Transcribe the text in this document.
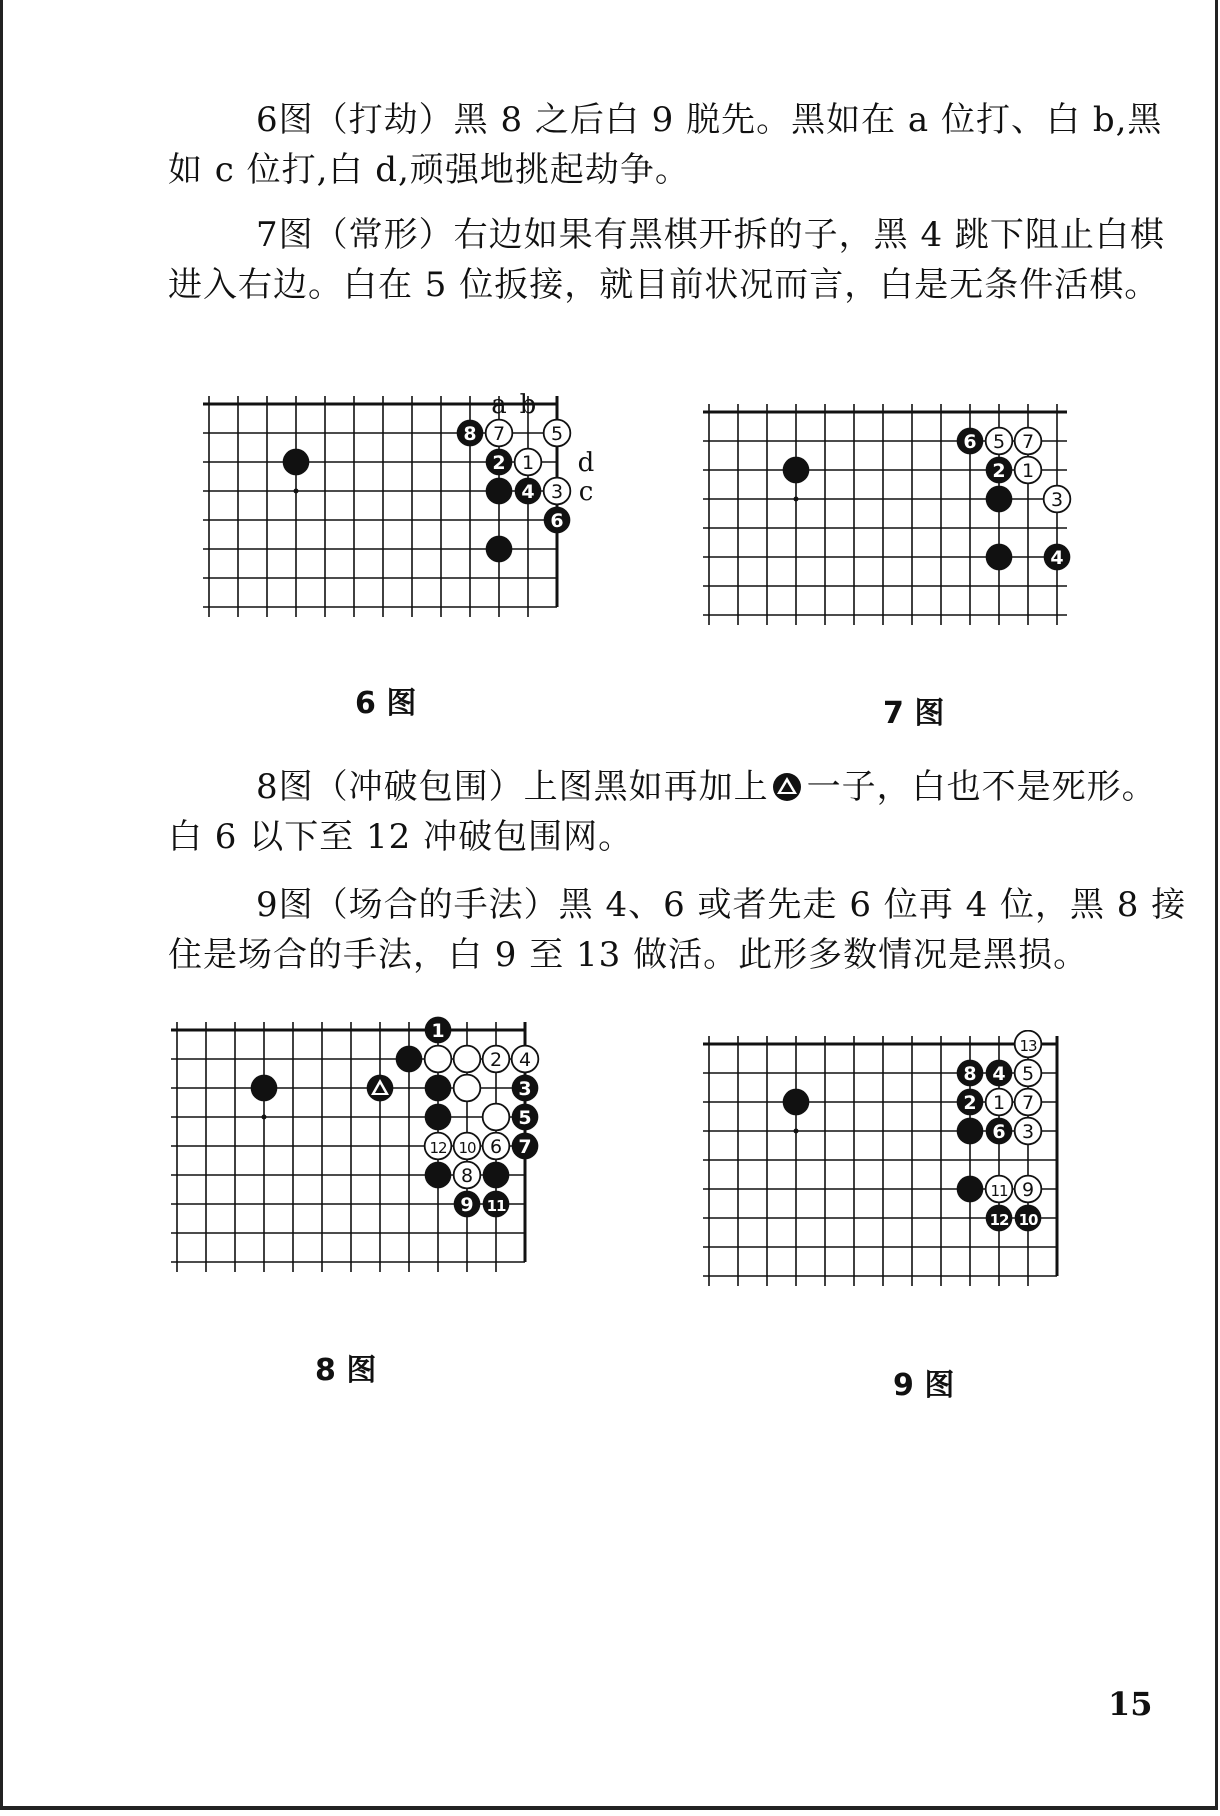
6图（打劫）黑 8 之后白 9 脱先。黑如在 a 位打、白 b,黑如 c 位打,白 d,顽强地挑起劫争。

7图（常形）右边如果有黑棋开拆的子，黑 4 跳下阻止白棋进入右边。白在 5 位扳接，就目前状况而言，白是无条件活棋。

8 7 5
2 1
4 3
6
a b
d
c
6 5 7
2 1
3
4
6 图	7 图

8图（冲破包围）上图黑如再加上 一子，白也不是死形。白 6 以下至 12 冲破包围网。

9图（场合的手法）黑 4、6 或者先走 6 位再 4 位，黑 8 接住是场合的手法，白 9 至 13 做活。此形多数情况是黑损。

1
2 4
3
5
12 10 6 7
8
9 11
13
8 4 5
2 1 7
6 3
11 9
12 10
8 图	9 图
15
